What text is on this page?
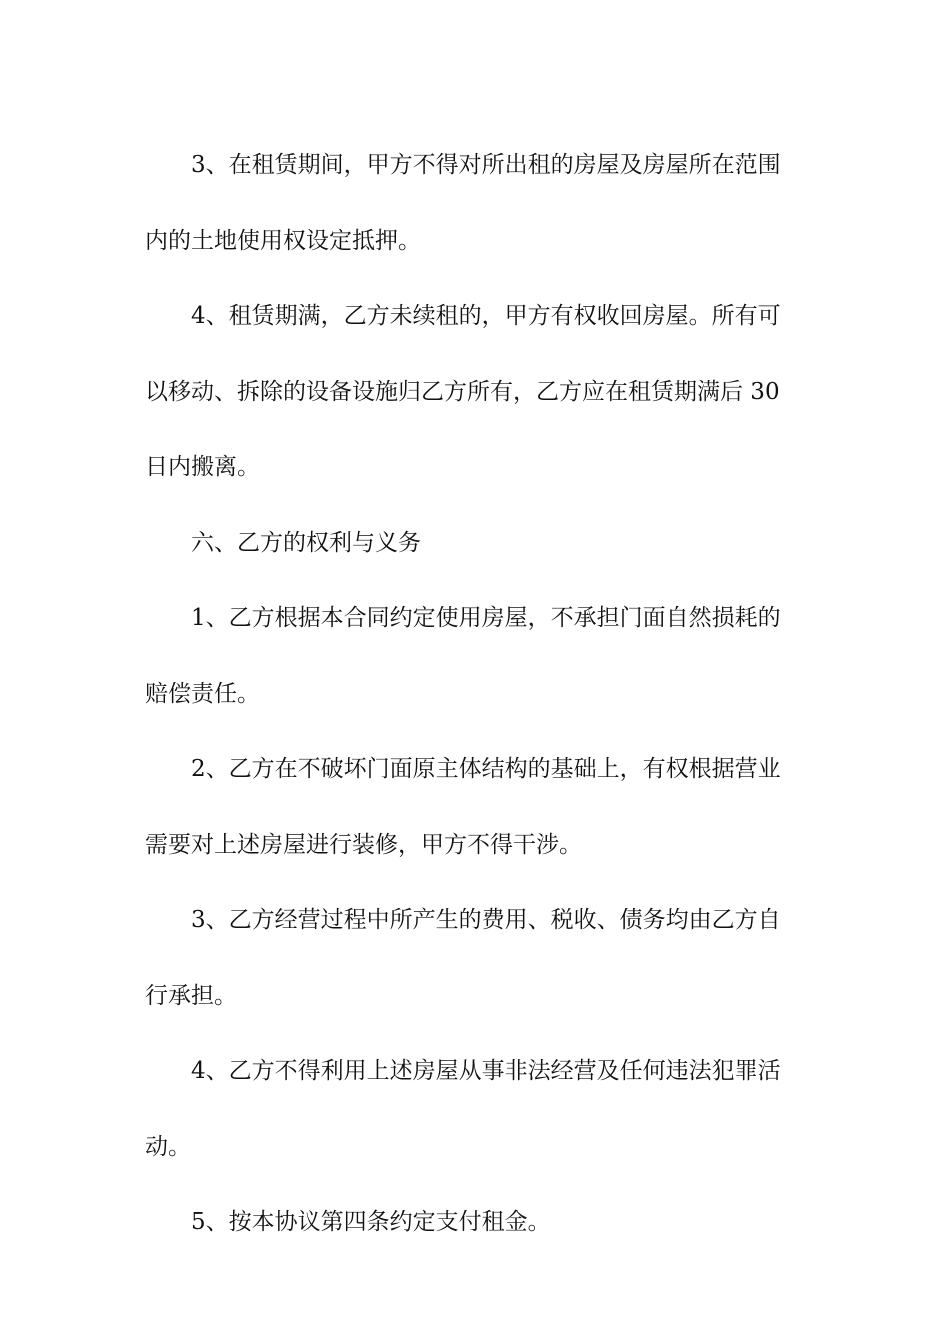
3、在租赁期间，甲方不得对所出租的房屋及房屋所在范围
内的土地使用权设定抵押。
4、租赁期满，乙方未续租的，甲方有权收回房屋。所有可
以移动、拆除的设备设施归乙方所有，乙方应在租赁期满后 30
日内搬离。
六、乙方的权利与义务
1、乙方根据本合同约定使用房屋，不承担门面自然损耗的
赔偿责任。
2、乙方在不破坏门面原主体结构的基础上，有权根据营业
需要对上述房屋进行装修，甲方不得干涉。
3、乙方经营过程中所产生的费用、税收、债务均由乙方自
行承担。
4、乙方不得利用上述房屋从事非法经营及任何违法犯罪活
动。
5、按本协议第四条约定支付租金。
